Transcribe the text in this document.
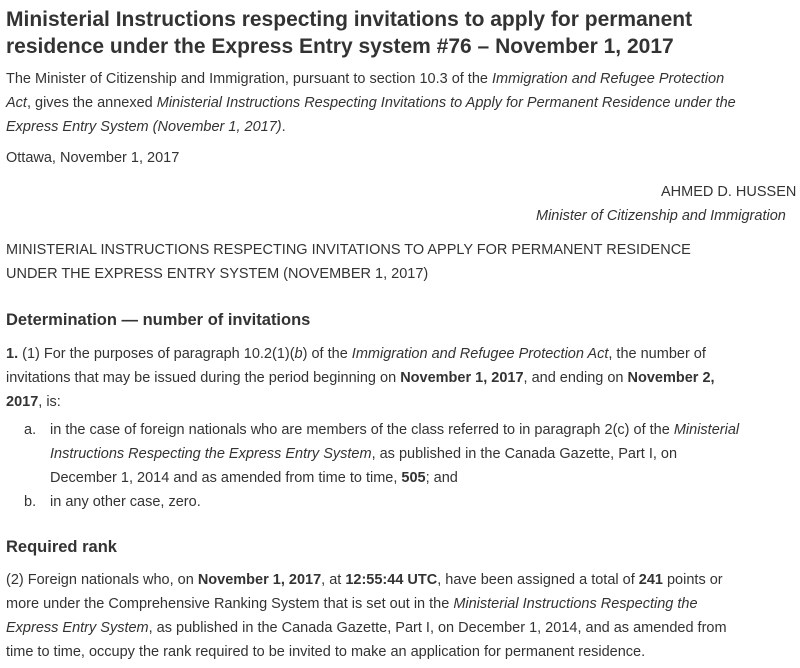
Ministerial Instructions respecting invitations to apply for permanent
residence under the Express Entry system #76 – November 1, 2017

The Minister of Citizenship and Immigration, pursuant to section 10.3 of the Immigration and Refugee Protection
Act, gives the annexed Ministerial Instructions Respecting Invitations to Apply for Permanent Residence under the
Express Entry System (November 1, 2017).

Ottawa, November 1, 2017

AHMED D. HUSSEN
Minister of Citizenship and Immigration

MINISTERIAL INSTRUCTIONS RESPECTING INVITATIONS TO APPLY FOR PERMANENT RESIDENCE
UNDER THE EXPRESS ENTRY SYSTEM (NOVEMBER 1, 2017)

Determination — number of invitations

1. (1) For the purposes of paragraph 10.2(1)(b) of the Immigration and Refugee Protection Act, the number of
invitations that may be issued during the period beginning on November 1, 2017, and ending on November 2,
2017, is:

a. in the case of foreign nationals who are members of the class referred to in paragraph 2(c) of the Ministerial
Instructions Respecting the Express Entry System, as published in the Canada Gazette, Part I, on
December 1, 2014 and as amended from time to time, 505; and
b. in any other case, zero.
Required rank

(2) Foreign nationals who, on November 1, 2017, at 12:55:44 UTC, have been assigned a total of 241 points or
more under the Comprehensive Ranking System that is set out in the Ministerial Instructions Respecting the
Express Entry System, as published in the Canada Gazette, Part I, on December 1, 2014, and as amended from
time to time, occupy the rank required to be invited to make an application for permanent residence.
